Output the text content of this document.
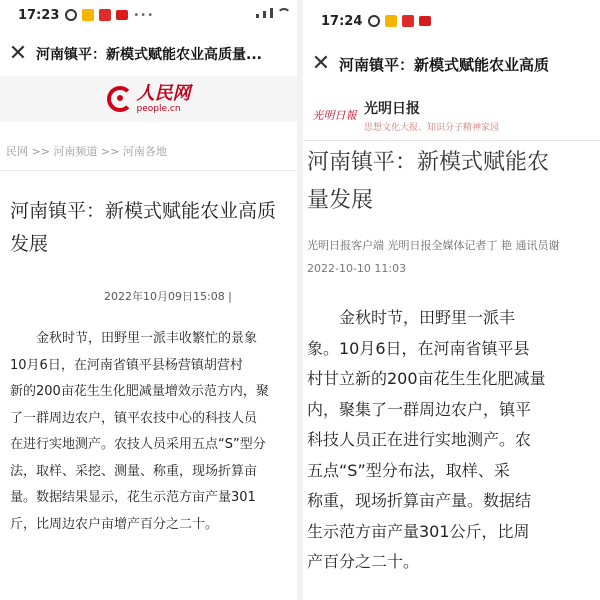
17:23	•••
✕ 河南镇平：新模式赋能农业高质量...
人民网
people.cn
民网 >> 河南频道 >> 河南各地
河南镇平：新模式赋能农业高质
发展
2022年10月09日15:08 |

金秋时节，田野里一派丰收繁忙的景象

10月6日，在河南省镇平县杨营镇胡营村
新的200亩花生生化肥减量增效示范方内，聚
了一群周边农户，镇平农技中心的科技人员
在进行实地测产。农技人员采用五点“S”型分
法，取样、采挖、测量、称重，现场折算亩
量。数据结果显示，花生示范方亩产量301
斤，比周边农户亩增产百分之二十。
17:24
✕ 河南镇平：新模式赋能农业高质
光明日報 光明日报
思想文化大报、知识分子精神家园
河南镇平：新模式赋能农
量发展
光明日报客户端 光明日报全媒体记者丁 艳 通讯员谢
2022-10-10 11:03

金秋时节，田野里一派丰

象。10月6日，在河南省镇平县
村甘立新的200亩花生生化肥减量
内，聚集了一群周边农户，镇平
科技人员正在进行实地测产。农
五点“S”型分布法，取样、采
称重，现场折算亩产量。数据结
生示范方亩产量301公斤，比周
产百分之二十。
